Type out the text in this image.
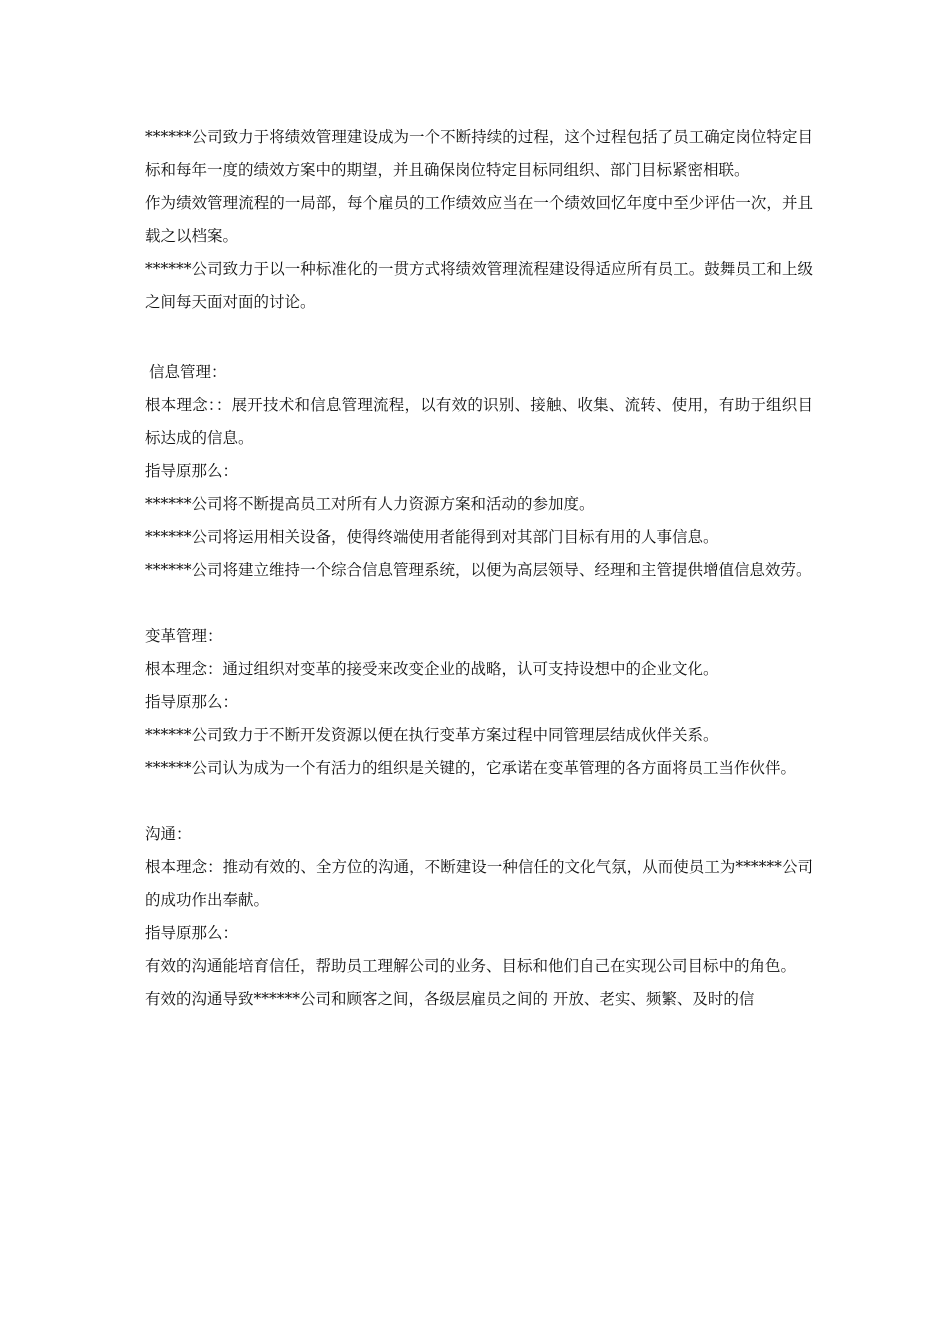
******公司致力于将绩效管理建设成为一个不断持续的过程，这个过程包括了员工确定岗位特定目标和每年一度的绩效方案中的期望，并且确保岗位特定目标同组织、部门目标紧密相联。

作为绩效管理流程的一局部，每个雇员的工作绩效应当在一个绩效回忆年度中至少评估一次，并且载之以档案。

******公司致力于以一种标准化的一贯方式将绩效管理流程建设得适应所有员工。鼓舞员工和上级之间每天面对面的讨论。

信息管理：

根本理念：：展开技术和信息管理流程，以有效的识别、接触、收集、流转、使用，有助于组织目标达成的信息。

指导原那么：

******公司将不断提高员工对所有人力资源方案和活动的参加度。

******公司将运用相关设备，使得终端使用者能得到对其部门目标有用的人事信息。

******公司将建立维持一个综合信息管理系统，以便为高层领导、经理和主管提供增值信息效劳。

变革管理：

根本理念：通过组织对变革的接受来改变企业的战略，认可支持设想中的企业文化。

指导原那么：

******公司致力于不断开发资源以便在执行变革方案过程中同管理层结成伙伴关系。

******公司认为成为一个有活力的组织是关键的，它承诺在变革管理的各方面将员工当作伙伴。

沟通：

根本理念：推动有效的、全方位的沟通，不断建设一种信任的文化气氛，从而使员工为******公司的成功作出奉献。

指导原那么：

有效的沟通能培育信任，帮助员工理解公司的业务、目标和他们自己在实现公司目标中的角色。

有效的沟通导致******公司和顾客之间，各级层雇员之间的 开放、老实、频繁、及时的信
